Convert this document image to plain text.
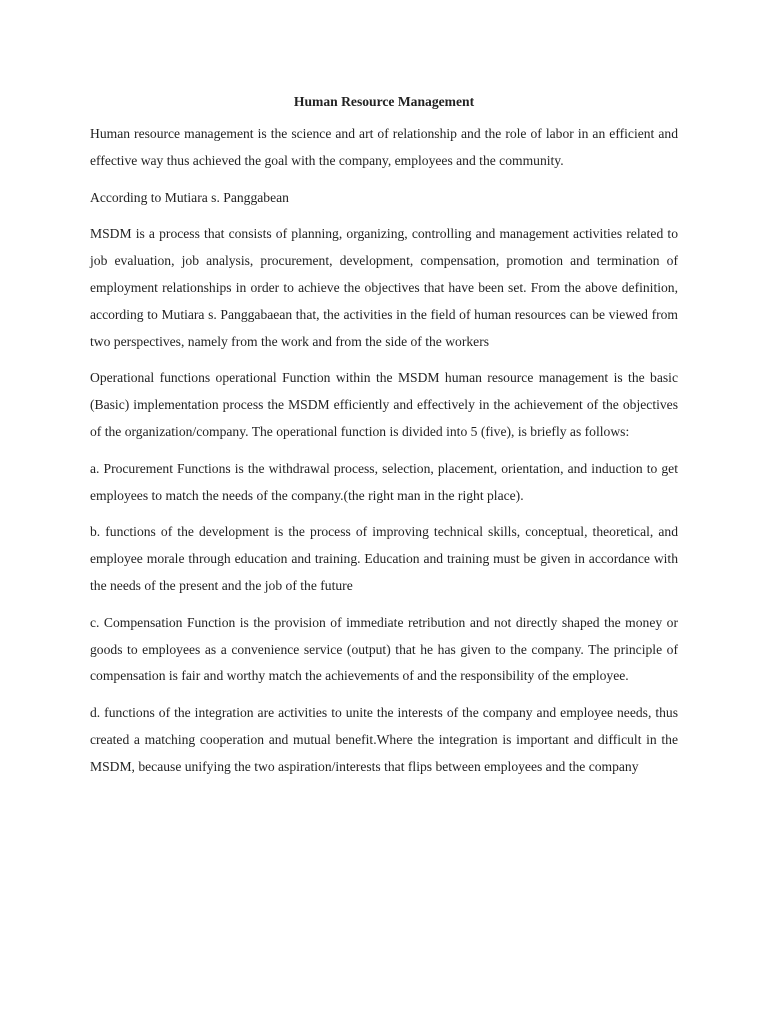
Human Resource Management

Human resource management is the science and art of relationship and the role of labor in an efficient and effective way thus achieved the goal with the company, employees and the community.

According to Mutiara s. Panggabean

MSDM is a process that consists of planning, organizing, controlling and management activities related to job evaluation, job analysis, procurement, development, compensation, promotion and termination of employment relationships in order to achieve the objectives that have been set. From the above definition, according to Mutiara s. Panggabaean that, the activities in the field of human resources can be viewed from two perspectives, namely from the work and from the side of the workers

Operational functions operational Function within the MSDM human resource management is the basic (Basic) implementation process the MSDM efficiently and effectively in the achievement of the objectives of the organization/company. The operational function is divided into 5 (five), is briefly as follows:

a. Procurement Functions is the withdrawal process, selection, placement, orientation, and induction to get employees to match the needs of the company.(the right man in the right place).

b. functions of the development is the process of improving technical skills, conceptual, theoretical, and employee morale through education and training. Education and training must be given in accordance with the needs of the present and the job of the future

c. Compensation Function is the provision of immediate retribution and not directly shaped the money or goods to employees as a convenience service (output) that he has given to the company. The principle of compensation is fair and worthy match the achievements of and the responsibility of the employee.

d. functions of the integration are activities to unite the interests of the company and employee needs, thus created a matching cooperation and mutual benefit.Where the integration is important and difficult in the MSDM, because unifying the two aspiration/interests that flips between employees and the company
